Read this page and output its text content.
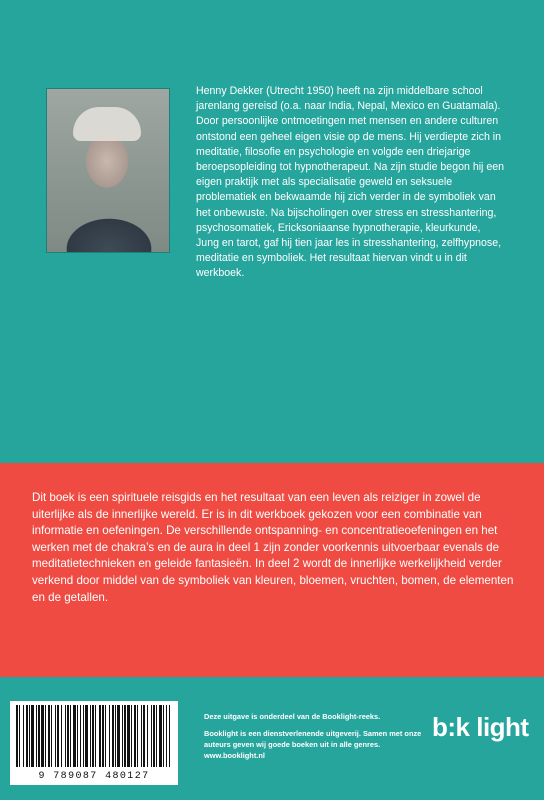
Henny Dekker (Utrecht 1950) heeft na zijn middelbare school jarenlang gereisd (o.a. naar India, Nepal, Mexico en Guatamala). Door persoonlijke ontmoetingen met mensen en andere culturen ontstond een geheel eigen visie op de mens. Hij verdiepte zich in meditatie, filosofie en psychologie en volgde een driejarige beroepsopleiding tot hypnotherapeut. Na zijn studie begon hij een eigen praktijk met als specialisatie geweld en seksuele problematiek en bekwaamde hij zich verder in de symboliek van het onbewuste. Na bijscholingen over stress en stresshantering, psychosomatiek, Ericksoniaanse hypnotherapie, kleurkunde, Jung en tarot, gaf hij tien jaar les in stresshantering, zelfhypnose, meditatie en symboliek. Het resultaat hiervan vindt u in dit werkboek.

Dit boek is een spirituele reisgids en het resultaat van een leven als reiziger in zowel de uiterlijke als de innerlijke wereld. Er is in dit werkboek gekozen voor een combinatie van informatie en oefeningen. De verschillende ontspanning- en concentratieoefeningen en het werken met de chakra’s en de aura in deel 1 zijn zonder voorkennis uitvoerbaar evenals de meditatietechnieken en geleide fantasieën. In deel 2 wordt de innerlijke werkelijkheid verder verkend door middel van de symboliek van kleuren, bloemen, vruchten, bomen, de elementen en de getallen.

9 789087 480127
Deze uitgave is onderdeel van de Booklight-reeks.
Booklight is een dienstverlenende uitgeverij. Samen met onze auteurs geven wij goede boeken uit in alle genres.
www.booklight.nl
b:k light
